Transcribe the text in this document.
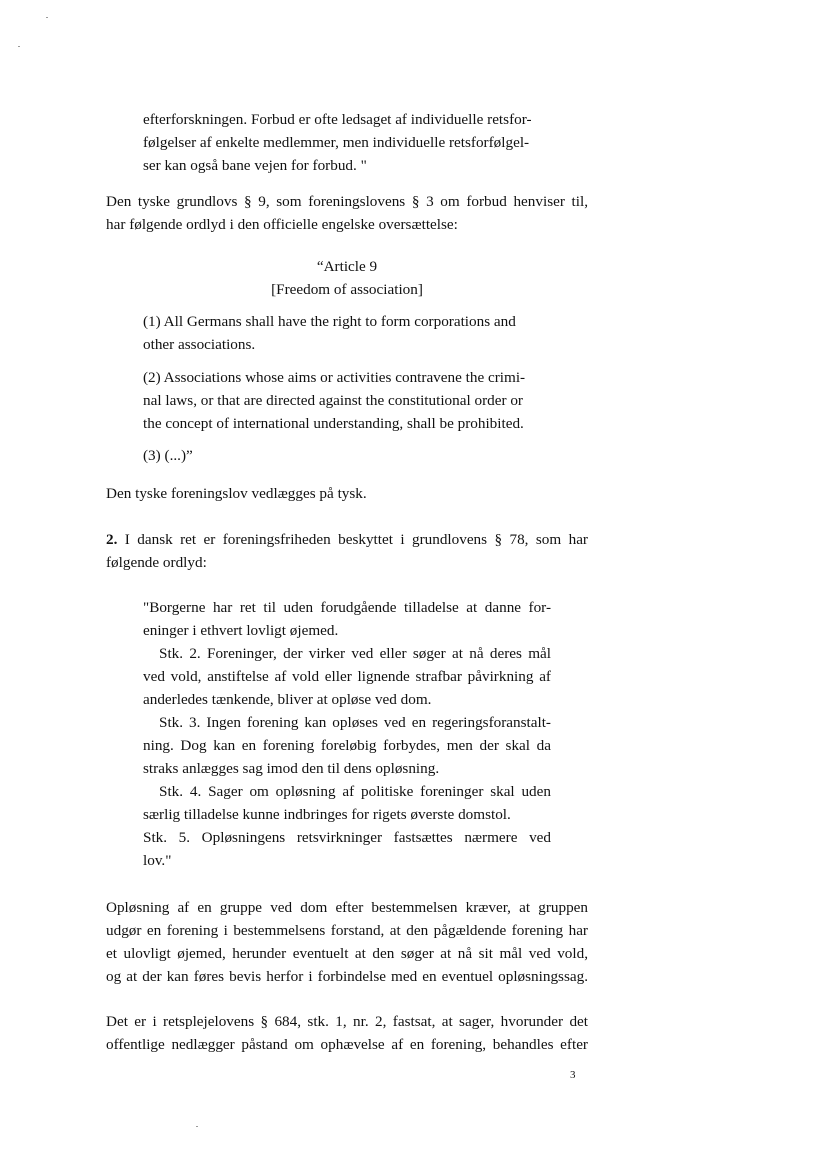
efterforskningen. Forbud er ofte ledsaget af individuelle retsfor-
følgelser af enkelte medlemmer, men individuelle retsforfølgel-
ser kan også bane vejen for forbud. "
Den tyske grundlovs § 9, som foreningslovens § 3 om forbud henviser til,
har følgende ordlyd i den officielle engelske oversættelse:
“Article 9
[Freedom of association]
(1) All Germans shall have the right to form corporations and
other associations.
(2) Associations whose aims or activities contravene the crimi-
nal laws, or that are directed against the constitutional order or
the concept of international understanding, shall be prohibited.
(3) (...)”
Den tyske foreningslov vedlægges på tysk.
2. I dansk ret er foreningsfriheden beskyttet i grundlovens § 78, som har
følgende ordlyd:
"Borgerne har ret til uden forudgående tilladelse at danne for-
eninger i ethvert lovligt øjemed.
Stk. 2. Foreninger, der virker ved eller søger at nå deres mål
ved vold, anstiftelse af vold eller lignende strafbar påvirkning af
anderledes tænkende, bliver at opløse ved dom.
Stk. 3. Ingen forening kan opløses ved en regeringsforanstalt-
ning. Dog kan en forening foreløbig forbydes, men der skal da
straks anlægges sag imod den til dens opløsning.
Stk. 4. Sager om opløsning af politiske foreninger skal uden
særlig tilladelse kunne indbringes for rigets øverste domstol.
Stk. 5. Opløsningens retsvirkninger fastsættes nærmere ved
lov."
Opløsning af en gruppe ved dom efter bestemmelsen kræver, at gruppen
udgør en forening i bestemmelsens forstand, at den pågældende forening har
et ulovligt øjemed, herunder eventuelt at den søger at nå sit mål ved vold,
og at der kan føres bevis herfor i forbindelse med en eventuel opløsningssag.
Det er i retsplejelovens § 684, stk. 1, nr. 2, fastsat, at sager, hvorunder det
offentlige nedlægger påstand om ophævelse af en forening, behandles efter
3
